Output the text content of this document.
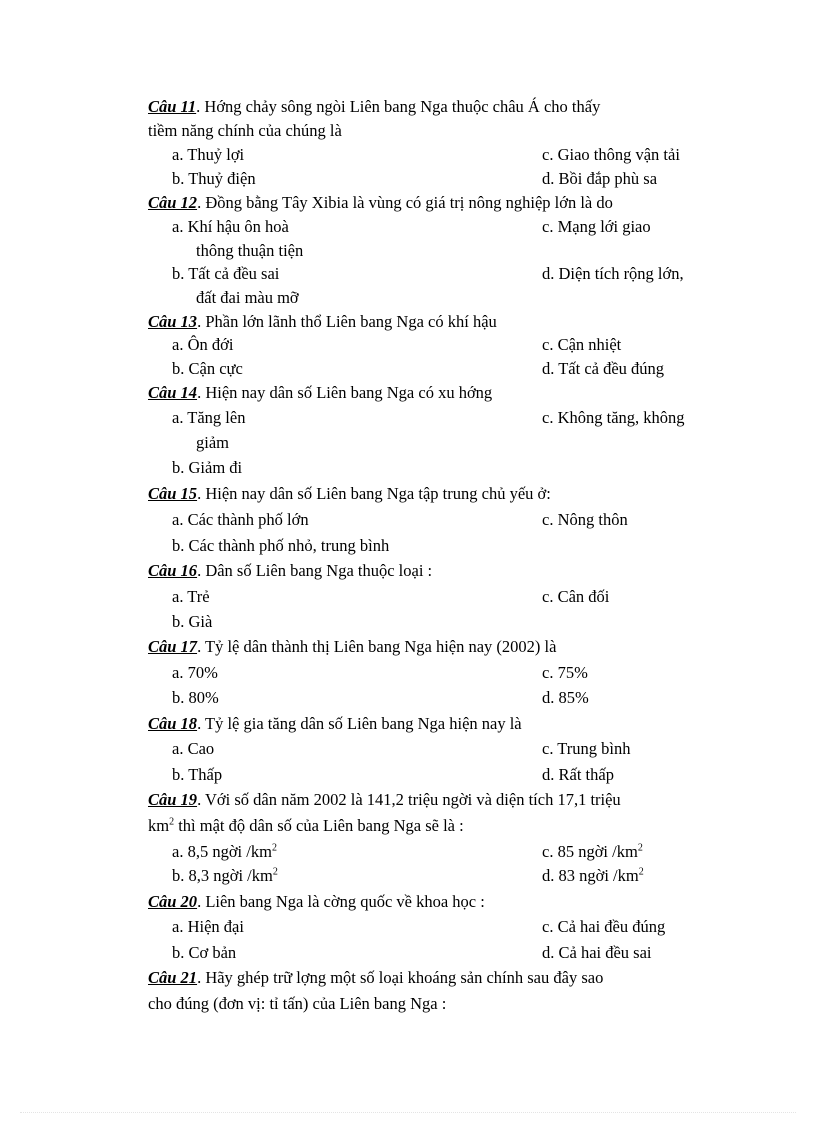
Câu 11. Hớng chảy sông ngòi Liên bang Nga thuộc châu Á cho thấy
tiềm năng chính của chúng là
a. Thuỷ lợi	c. Giao thông vận tải
b. Thuỷ điện	d. Bồi đắp phù sa
Câu 12. Đồng bằng Tây Xibia là vùng có giá trị nông nghiệp lớn là do
a. Khí hậu ôn hoà	c. Mạng lới giao
thông thuận tiện
b. Tất cả đều sai	d. Diện tích rộng lớn,
đất đai màu mỡ
Câu 13. Phần lớn lãnh thổ Liên bang Nga có khí hậu
a. Ôn đới	c. Cận nhiệt
b. Cận cực	d. Tất cả đều đúng
Câu 14. Hiện nay dân số Liên bang Nga có xu hớng
a. Tăng lên	c. Không tăng, không
giảm
b. Giảm đi
Câu 15. Hiện nay dân số Liên bang Nga tập trung chủ yếu ở:
a. Các thành phố lớn	c. Nông thôn
b. Các thành phố nhỏ, trung bình
Câu 16. Dân số Liên bang Nga thuộc loại :
a. Trẻ	c. Cân đối
b. Già
Câu 17. Tỷ lệ dân thành thị Liên bang Nga hiện nay (2002) là
a. 70%	c. 75%
b. 80%	d. 85%
Câu 18. Tỷ lệ gia tăng dân số Liên bang Nga hiện nay là
a. Cao	c. Trung bình
b. Thấp	d. Rất thấp
Câu 19. Với số dân năm 2002 là 141,2 triệu ngời và diện tích 17,1 triệu
$km^2$ thì mật độ dân số của Liên bang Nga sẽ là :
a. 8,5 ngời $/km^2$	c. 85 ngời $/km^2$
b. 8,3 ngời $/km^2$	d. 83 ngời $/km^2$
Câu 20. Liên bang Nga là cờng quốc về khoa học :
a. Hiện đại	c. Cả hai đều đúng
b. Cơ bản	d. Cả hai đều sai
Câu 21. Hãy ghép trữ lợng một số loại khoáng sản chính sau đây sao
cho đúng (đơn vị: tỉ tấn) của Liên bang Nga :
